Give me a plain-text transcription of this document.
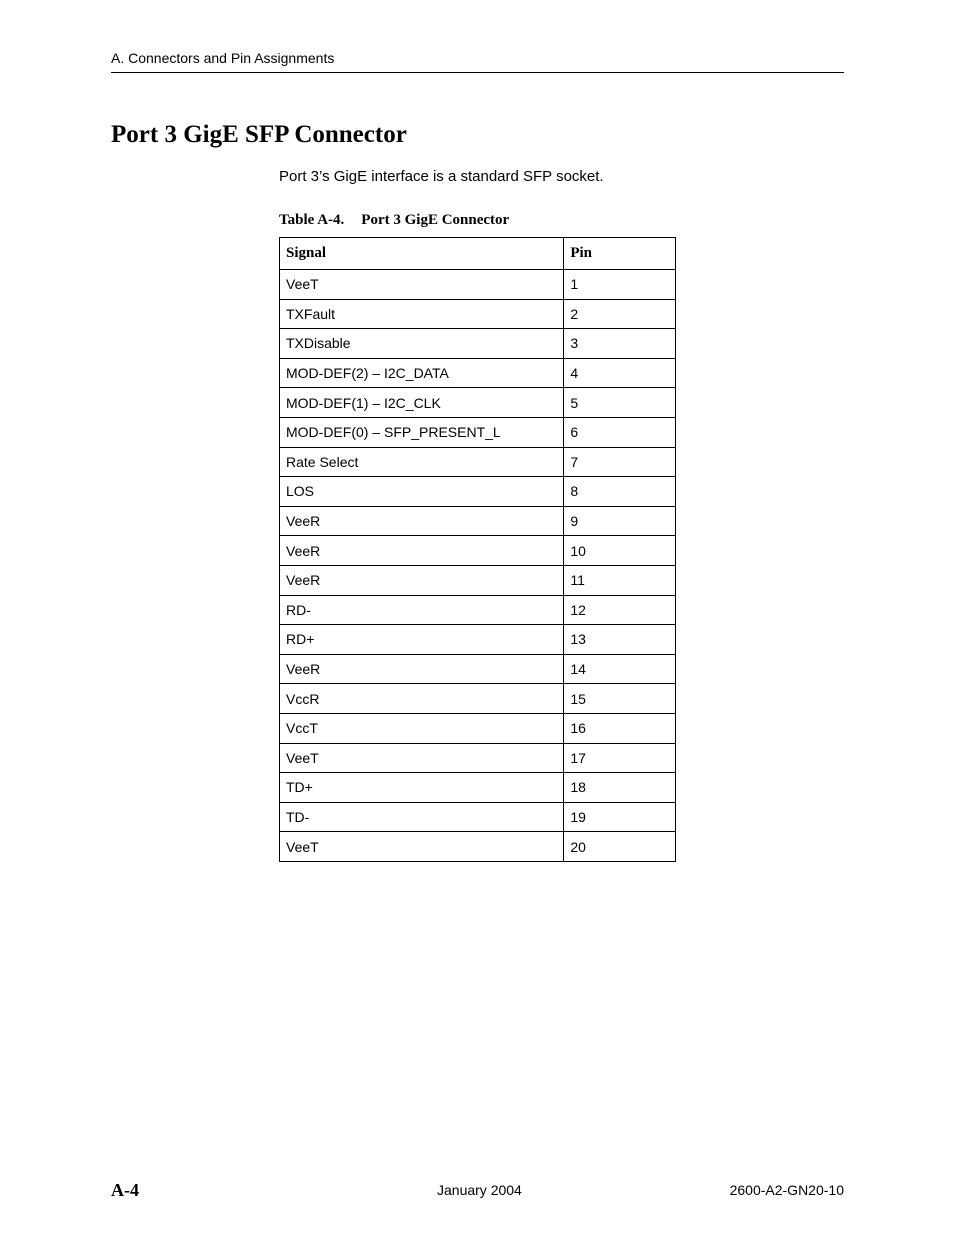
A. Connectors and Pin Assignments
Port 3 GigE SFP Connector
Port 3’s GigE interface is a standard SFP socket.
Table A-4. Port 3 GigE Connector
Signal	Pin
VeeT	1
TXFault	2
TXDisable	3
MOD-DEF(2) – I2C_DATA	4
MOD-DEF(1) – I2C_CLK	5
MOD-DEF(0) – SFP_PRESENT_L	6
Rate Select	7
LOS	8
VeeR	9
VeeR	10
VeeR	11
RD-	12
RD+	13
VeeR	14
VccR	15
VccT	16
VeeT	17
TD+	18
TD-	19
VeeT	20
A-4	January 2004	2600-A2-GN20-10
